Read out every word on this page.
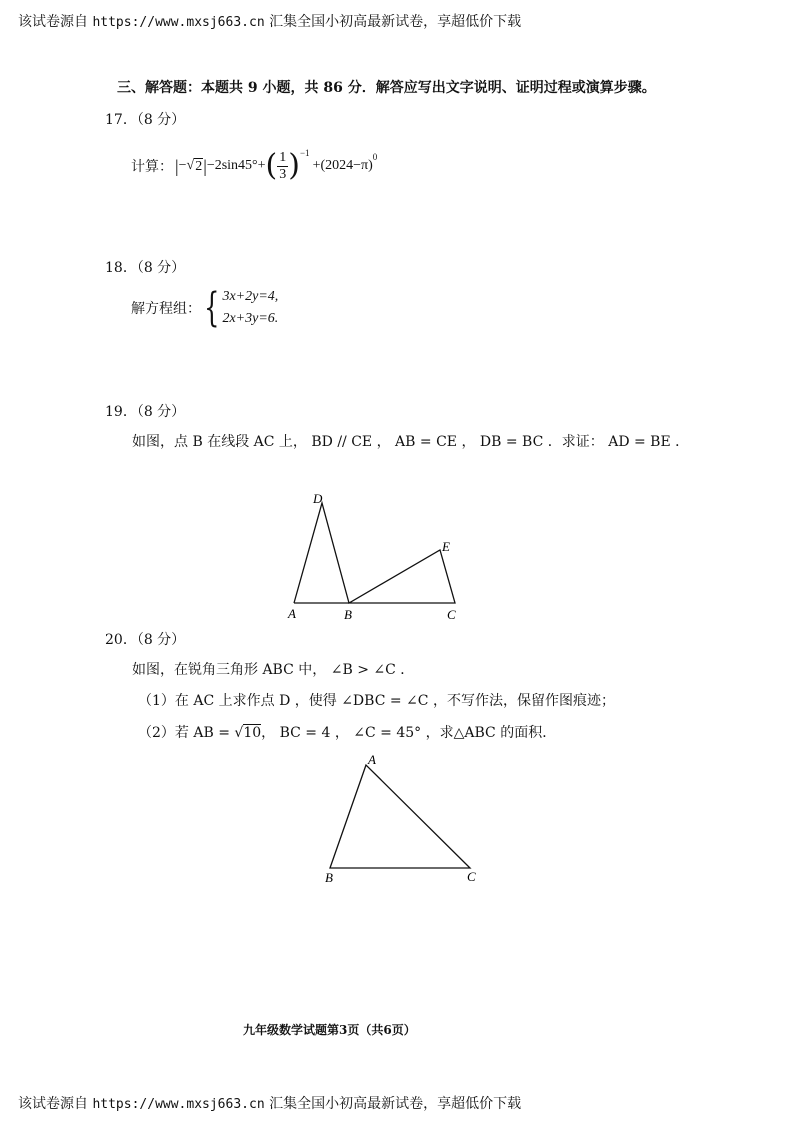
该试卷源自 https://www.mxsj663.cn 汇集全国小初高最新试卷，享超低价下载
三、解答题：本题共 9 小题，共 86 分．解答应写出文字说明、证明过程或演算步骤。
17．（8 分）
计算： | − √ 2 | −2sin45°+ ( $\frac{1}{3} )^{-1}$
+(2024−π)
$^0$
18．（8 分）
解方程组： { 3x+2y=4,
2x+3y=6.
19．（8 分）
如图，点 B 在线段 AC 上， BD // CE ， AB = CE ， DB = BC ．求证： AD = BE ．
D
E
A	B	C
20．（8 分）
如图，在锐角三角形 ABC 中， ∠B > ∠C ．
（1）在 AC 上求作点 D ，使得 ∠DBC = ∠C ，不写作法，保留作图痕迹；
（2）若 AB = √10， BC = 4 ， ∠C = 45° ，求△ABC 的面积．
A
B	C
九年级数学试题第3页（共6页）
该试卷源自 https://www.mxsj663.cn 汇集全国小初高最新试卷，享超低价下载
